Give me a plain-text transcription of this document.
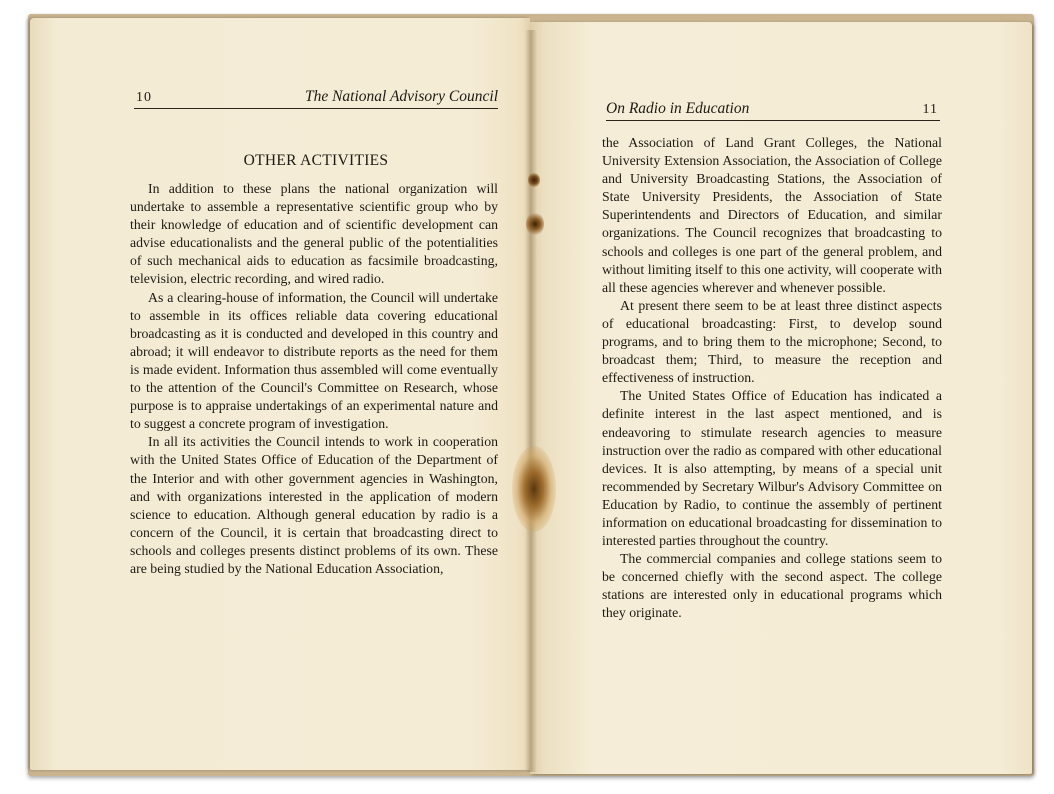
10	The National Advisory Council
OTHER ACTIVITIES

In addition to these plans the national organization will undertake to assemble a representative scientific group who by their knowledge of education and of scientific development can advise educationalists and the general public of the potentialities of such mechanical aids to education as facsimile broadcasting, television, electric recording, and wired radio.

As a clearing-house of information, the Council will undertake to assemble in its offices reliable data covering educational broadcasting as it is conducted and developed in this country and abroad; it will endeavor to distribute reports as the need for them is made evident. Information thus assembled will come eventually to the attention of the Council's Committee on Research, whose purpose is to appraise undertakings of an experimental nature and to suggest a concrete program of investigation.

In all its activities the Council intends to work in cooperation with the United States Office of Education of the Department of the Interior and with other government agencies in Washington, and with organizations interested in the application of modern science to education. Although general education by radio is a concern of the Council, it is certain that broadcasting direct to schools and colleges presents distinct problems of its own. These are being studied by the National Education Association,

On Radio in Education	11

the Association of Land Grant Colleges, the National University Extension Association, the Association of College and University Broadcasting Stations, the Association of State University Presidents, the Association of State Superintendents and Directors of Education, and similar organizations. The Council recognizes that broadcasting to schools and colleges is one part of the general problem, and without limiting itself to this one activity, will cooperate with all these agencies wherever and whenever possible.

At present there seem to be at least three distinct aspects of educational broadcasting: First, to develop sound programs, and to bring them to the microphone; Second, to broadcast them; Third, to measure the reception and effectiveness of instruction.

The United States Office of Education has indicated a definite interest in the last aspect mentioned, and is endeavoring to stimulate research agencies to measure instruction over the radio as compared with other educational devices. It is also attempting, by means of a special unit recommended by Secretary Wilbur's Advisory Committee on Education by Radio, to continue the assembly of pertinent information on educational broadcasting for dissemination to interested parties throughout the country.

The commercial companies and college stations seem to be concerned chiefly with the second aspect. The college stations are interested only in educational programs which they originate.
